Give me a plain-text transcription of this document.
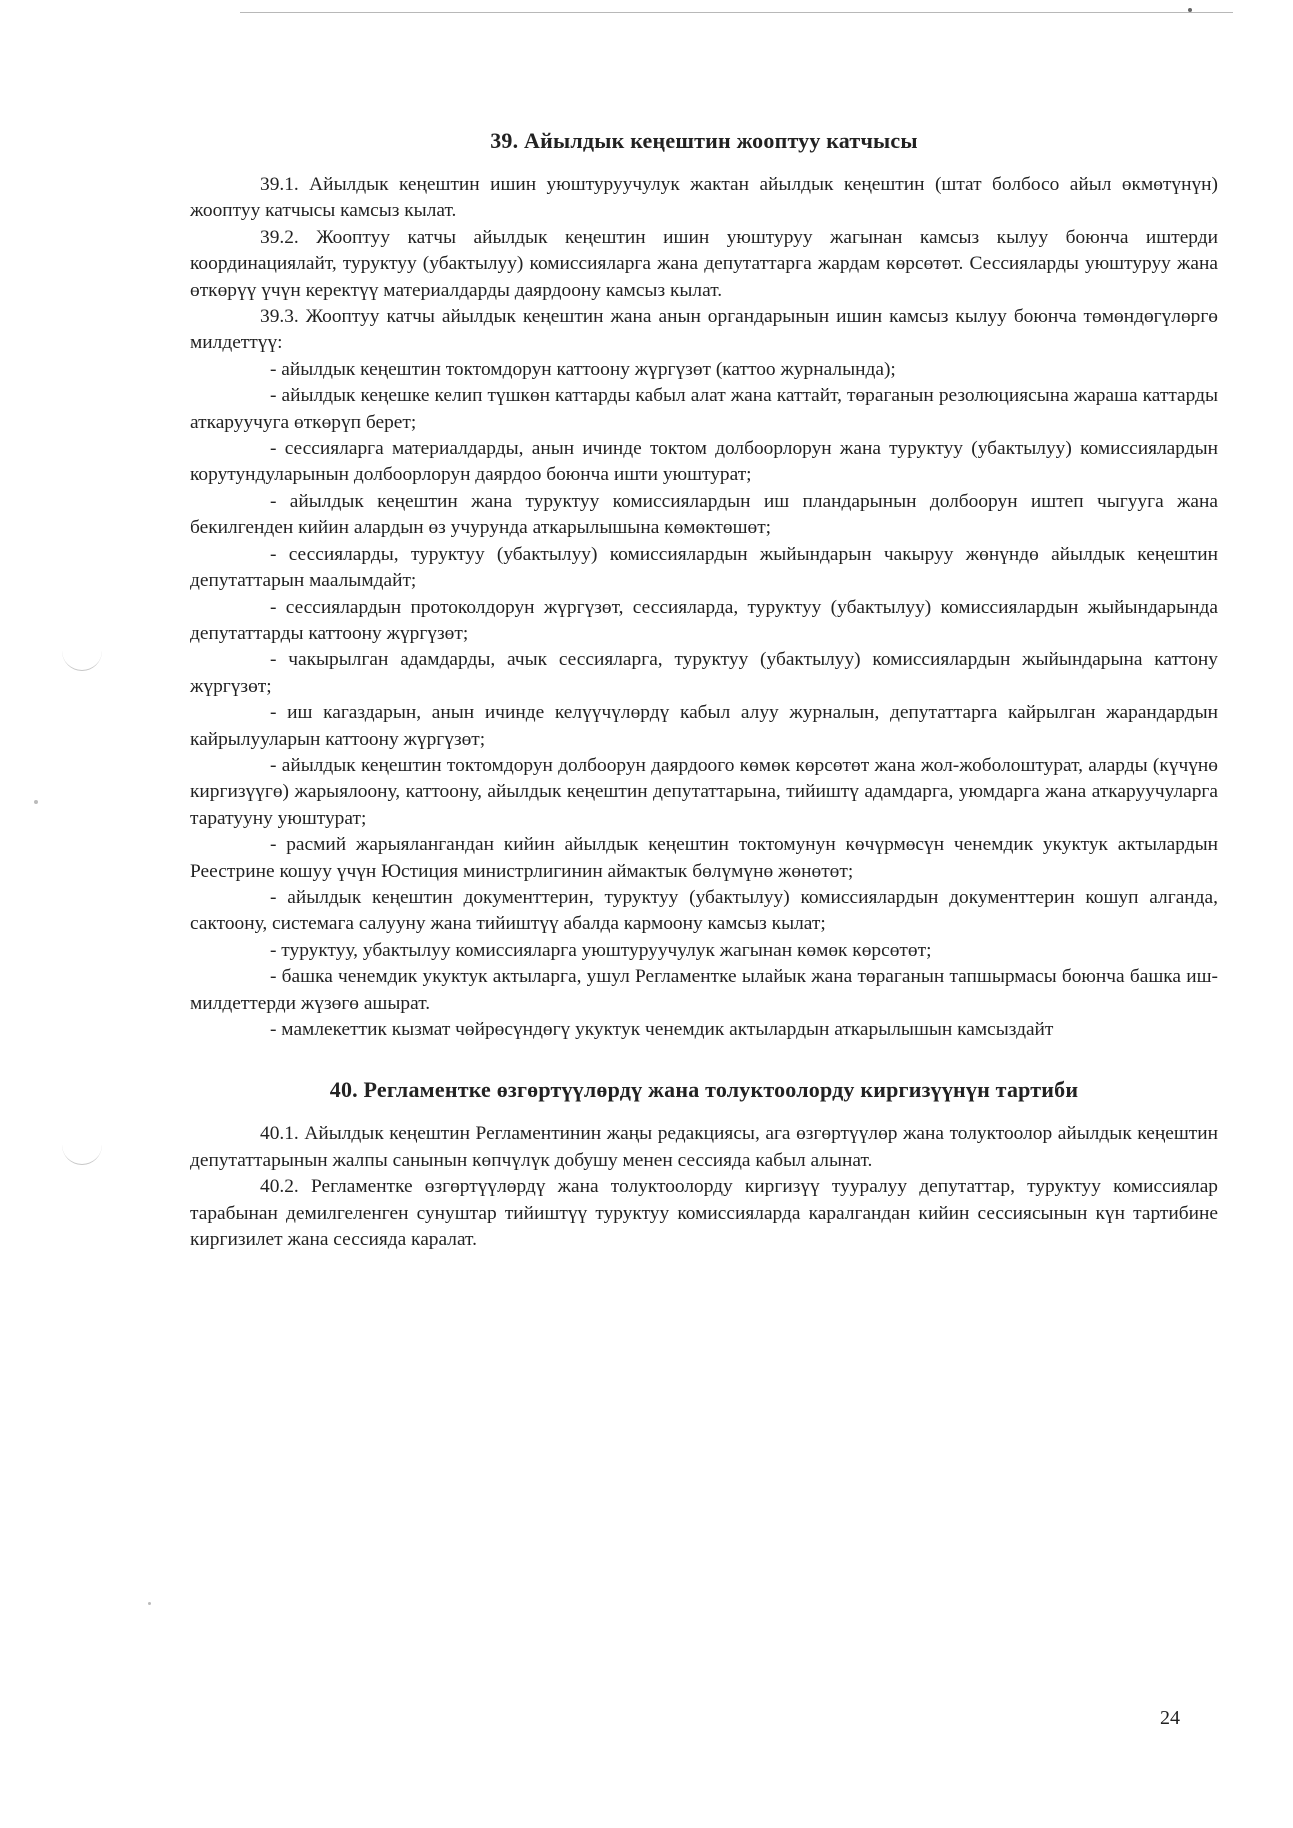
39. Айылдык кеңештин жооптуу катчысы

39.1. Айылдык кеңештин ишин уюштуруучулук жактан айылдык кеңештин (штат болбосо айыл өкмөтүнүн) жооптуу катчысы камсыз кылат.

39.2. Жооптуу катчы айылдык кеңештин ишин уюштуруу жагынан камсыз кылуу боюнча иштерди координациялайт, туруктуу (убактылуу) комиссияларга жана депутаттарга жардам көрсөтөт. Сессияларды уюштуруу жана өткөрүү үчүн керектүү материалдарды даярдоону камсыз кылат.

39.3. Жооптуу катчы айылдык кеңештин жана анын органдарынын ишин камсыз кылуу боюнча төмөндөгүлөргө милдеттүү:

- айылдык кеңештин токтомдорун каттоону жүргүзөт (каттоо журналында);

- айылдык кеңешке келип түшкөн каттарды кабыл алат жана каттайт, төраганын резолюциясына жараша каттарды аткаруучуга өткөрүп берет;

- сессияларга материалдарды, анын ичинде токтом долбоорлорун жана туруктуу (убактылуу) комиссиялардын корутундуларынын долбоорлорун даярдоо боюнча ишти уюштурат;

- айылдык кеңештин жана туруктуу комиссиялардын иш пландарынын долбоорун иштеп чыгууга жана бекилгенден кийин алардын өз учурунда аткарылышына көмөктөшөт;

- сессияларды, туруктуу (убактылуу) комиссиялардын жыйындарын чакыруу жөнүндө айылдык кеңештин депутаттарын маалымдайт;

- сессиялардын протоколдорун жүргүзөт, сессияларда, туруктуу (убактылуу) комиссиялардын жыйындарында депутаттарды каттоону жүргүзөт;

- чакырылган адамдарды, ачык сессияларга, туруктуу (убактылуу) комиссиялардын жыйындарына каттону жүргүзөт;

- иш кагаздарын, анын ичинде келүүчүлөрдү кабыл алуу журналын, депутаттарга кайрылган жарандардын кайрылууларын каттоону жүргүзөт;

- айылдык кеңештин токтомдорун долбоорун даярдоого көмөк көрсөтөт жана жол-жоболоштурат, аларды (күчүнө киргизүүгө) жарыялоону, каттоону, айылдык кеңештин депутаттарына, тийиштү адамдарга, уюмдарга жана аткаруучуларга таратууну уюштурат;

- расмий жарыялангандан кийин айылдык кеңештин токтомунун көчүрмөсүн ченемдик укуктук актылардын Реестрине кошуу үчүн Юстиция министрлигинин аймактык бөлүмүнө жөнөтөт;

- айылдык кеңештин документтерин, туруктуу (убактылуу) комиссиялардын документтерин кошуп алганда, сактоону, системага салууну жана тийиштүү абалда кармоону камсыз кылат;

- туруктуу, убактылуу комиссияларга уюштуруучулук жагынан көмөк көрсөтөт;

- башка ченемдик укуктук актыларга, ушул Регламентке ылайык жана төраганын тапшырмасы боюнча башка иш-милдеттерди жүзөгө ашырат.

- мамлекеттик кызмат чөйрөсүндөгү укуктук ченемдик актылардын аткарылышын камсыздайт

40. Регламентке өзгөртүүлөрдү жана толуктоолорду киргизүүнүн тартиби

40.1. Айылдык кеңештин Регламентинин жаңы редакциясы, ага өзгөртүүлөр жана толуктоолор айылдык кеңештин депутаттарынын жалпы санынын көпчүлүк добушу менен сессияда кабыл алынат.

40.2. Регламентке өзгөртүүлөрдү жана толуктоолорду киргизүү тууралуу депутаттар, туруктуу комиссиялар тарабынан демилгеленген сунуштар тийиштүү туруктуу комиссияларда каралгандан кийин сессиясынын күн тартибине киргизилет жана сессияда каралат.

24
